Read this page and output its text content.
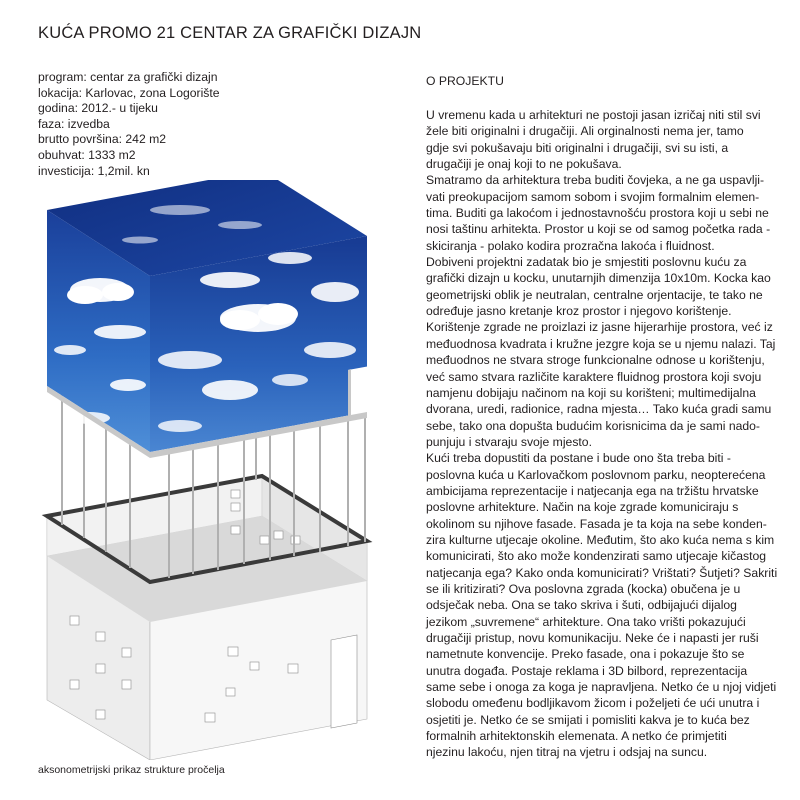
KUĆA PROMO 21 CENTAR ZA GRAFIČKI DIZAJN
program: centar za grafički dizajn
lokacija: Karlovac, zona Logorište
godina: 2012.- u tijeku
faza: izvedba
brutto površina: 242 m2
obuhvat: 1333 m2
investicija: 1,2mil. kn
O PROJEKTU
U vremenu kada u arhitekturi ne postoji jasan izričaj niti stil svi
žele biti originalni i drugačiji. Ali orginalnosti nema jer, tamo
gdje svi pokušavaju biti originalni i drugačiji, svi su isti, a
drugačiji je onaj koji to ne pokušava.
Smatramo da arhitektura treba buditi čovjeka, a ne ga uspavlji-
vati preokupacijom samom sobom i svojim formalnim elemen-
tima. Buditi ga lakoćom i jednostavnošću prostora koji u sebi ne
nosi taštinu arhitekta. Prostor u koji se od samog početka rada -
skiciranja - polako kodira prozračna lakoća i fluidnost.
Dobiveni projektni zadatak bio je smjestiti poslovnu kuću za
grafički dizajn u kocku, unutarnjih dimenzija 10x10m. Kocka kao
geometrijski oblik je neutralan, centralne orjentacije, te tako ne
određuje jasno kretanje kroz prostor i njegovo korištenje.
Korištenje zgrade ne proizlazi iz jasne hijerarhije prostora, već iz
međuodnosa kvadrata i kružne jezgre koja se u njemu nalazi. Taj
međuodnos ne stvara stroge funkcionalne odnose u korištenju,
već samo stvara različite karaktere fluidnog prostora koji svoju
namjenu dobijaju načinom na koji su korišteni; multimedijalna
dvorana, uredi, radionice, radna mjesta… Tako kuća gradi samu
sebe, tako ona dopušta budućim korisnicima da je sami nado-
punjuju i stvaraju svoje mjesto.
Kući treba dopustiti da postane i bude ono šta treba biti -
poslovna kuća u Karlovačkom poslovnom parku, neopterećena
ambicijama reprezentacije i natjecanja ega na tržištu hrvatske
poslovne arhitekture. Način na koje zgrade komuniciraju s
okolinom su njihove fasade. Fasada je ta koja na sebe konden-
zira kulturne utjecaje okoline. Međutim, što ako kuća nema s kim
komunicirati, što ako može kondenzirati samo utjecaje kičastog
natjecanja ega? Kako onda komunicirati? Vrištati? Šutjeti? Sakriti
se ili kritizirati? Ova poslovna zgrada (kocka) obučena je u
odsječak neba. Ona se tako skriva i šuti, odbijajući dijalog
jezikom „suvremene“ arhitekture. Ona tako vrišti pokazujući
drugačiji pristup, novu komunikaciju. Neke će i napasti jer ruši
nametnute konvencije. Preko fasade, ona i pokazuje što se
unutra događa. Postaje reklama i 3D bilbord, reprezentacija
same sebe i onoga za koga je napravljena. Netko će u njoj vidjeti
slobodu omeđenu bodljikavom žicom i poželjeti će ući unutra i
osjetiti je. Netko će se smijati i pomisliti kakva je to kuća bez
formalnih arhitektonskih elemenata. A netko će primjetiti
njezinu lakoću, njen titraj na vjetru i odsjaj na suncu.
aksonometrijski prikaz strukture pročelja
